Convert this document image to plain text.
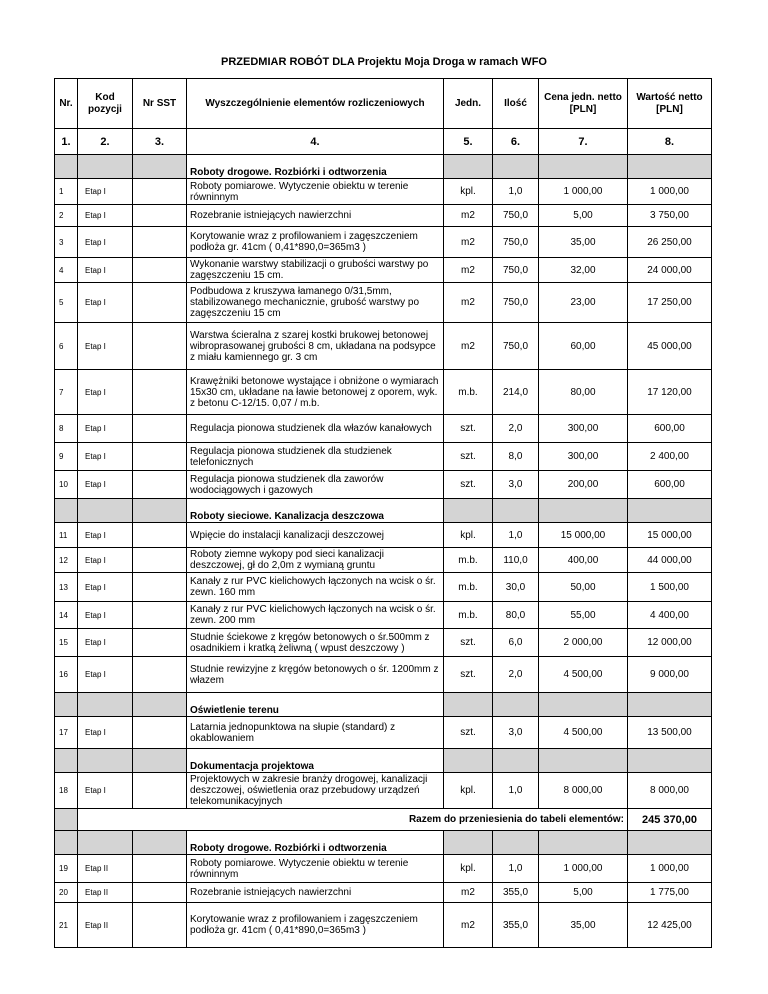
PRZEDMIAR ROBÓT DLA Projektu Moja Droga w ramach WFO
Nr.	Kod pozycji	Nr SST	Wyszczególnienie elementów rozliczeniowych	Jedn.	Ilość	Cena jedn. netto [PLN]	Wartość netto [PLN]
1.	2.	3.	4.	5.	6.	7.	8.
			Roboty drogowe. Rozbiórki i odtworzenia				
1	Etap I		Roboty pomiarowe. Wytyczenie obiektu w terenie równinnym	kpl.	1,0	1 000,00	1 000,00
2	Etap I		Rozebranie istniejących nawierzchni	m2	750,0	5,00	3 750,00
3	Etap I		Korytowanie wraz z profilowaniem i zagęszczeniem podłoża gr. 41cm ( 0,41*890,0=365m3 )	m2	750,0	35,00	26 250,00
4	Etap I		Wykonanie warstwy stabilizacji o grubości warstwy po zagęszczeniu 15 cm.	m2	750,0	32,00	24 000,00
5	Etap I		Podbudowa z kruszywa łamanego 0/31,5mm, stabilizowanego mechanicznie, grubość warstwy po zagęszczeniu 15 cm	m2	750,0	23,00	17 250,00
6	Etap I		Warstwa ścieralna z szarej kostki brukowej betonowej wibroprasowanej grubości 8 cm, układana na podsypce z miału kamiennego gr. 3 cm	m2	750,0	60,00	45 000,00
7	Etap I		Krawężniki betonowe wystające i obniżone o wymiarach 15x30 cm, układane na ławie betonowej z oporem, wyk. z betonu C-12/15. 0,07 / m.b.	m.b.	214,0	80,00	17 120,00
8	Etap I		Regulacja pionowa studzienek dla włazów kanałowych	szt.	2,0	300,00	600,00
9	Etap I		Regulacja pionowa studzienek dla studzienek telefonicznych	szt.	8,0	300,00	2 400,00
10	Etap I		Regulacja pionowa studzienek dla zaworów wodociągowych i gazowych	szt.	3,0	200,00	600,00
			Roboty sieciowe. Kanalizacja deszczowa				
11	Etap I		Wpięcie do instalacji kanalizacji deszczowej	kpl.	1,0	15 000,00	15 000,00
12	Etap I		Roboty ziemne wykopy pod sieci kanalizacji deszczowej, gł do 2,0m z wymianą gruntu	m.b.	110,0	400,00	44 000,00
13	Etap I		Kanały z rur PVC kielichowych łączonych na wcisk o śr. zewn. 160 mm	m.b.	30,0	50,00	1 500,00
14	Etap I		Kanały z rur PVC kielichowych łączonych na wcisk o śr. zewn. 200 mm	m.b.	80,0	55,00	4 400,00
15	Etap I		Studnie ściekowe z kręgów betonowych o śr.500mm z osadnikiem i kratką żeliwną ( wpust deszczowy )	szt.	6,0	2 000,00	12 000,00
16	Etap I		Studnie rewizyjne z kręgów betonowych o śr. 1200mm z włazem	szt.	2,0	4 500,00	9 000,00
			Oświetlenie terenu				
17	Etap I		Latarnia jednopunktowa na słupie (standard) z okablowaniem	szt.	3,0	4 500,00	13 500,00
			Dokumentacja projektowa				
18	Etap I		Projektowych w zakresie branży drogowej, kanalizacji deszczowej, oświetlenia oraz przebudowy urządzeń telekomunikacyjnych	kpl.	1,0	8 000,00	8 000,00
	Razem do przeniesienia do tabeli elementów:						245 370,00
			Roboty drogowe. Rozbiórki i odtworzenia				
19	Etap II		Roboty pomiarowe. Wytyczenie obiektu w terenie równinnym	kpl.	1,0	1 000,00	1 000,00
20	Etap II		Rozebranie istniejących nawierzchni	m2	355,0	5,00	1 775,00
21	Etap II		Korytowanie wraz z profilowaniem i zagęszczeniem podłoża gr. 41cm ( 0,41*890,0=365m3 )	m2	355,0	35,00	12 425,00
